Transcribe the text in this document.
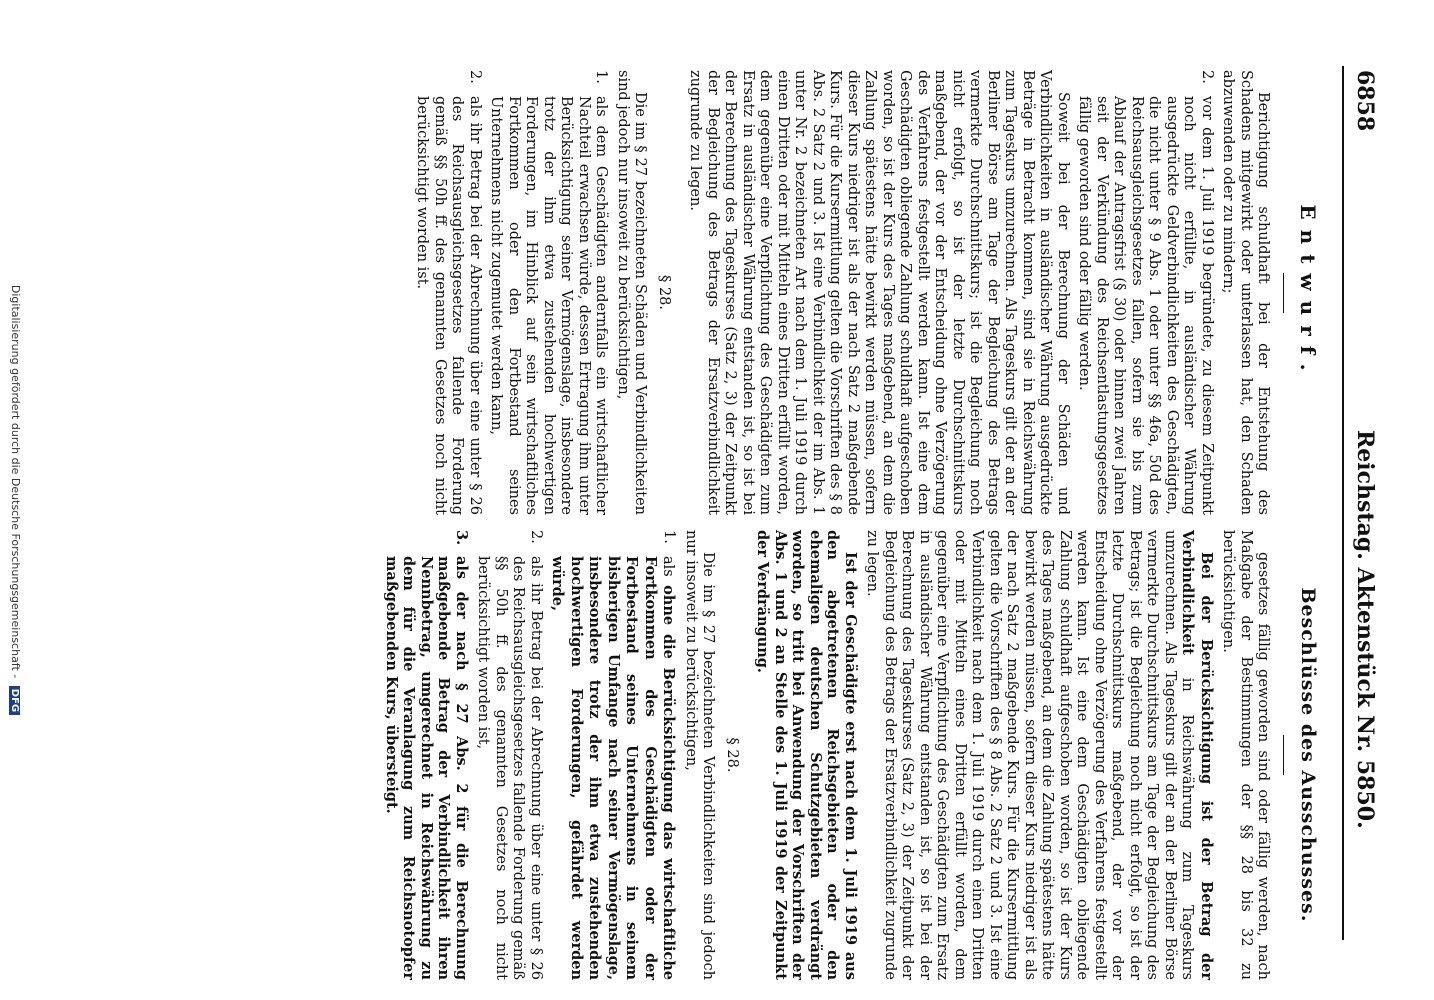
6858
Reichstag. Aktenstück Nr. 5850.
Entwurf.

Berichtigung schuldhaft bei der Entstehung des Schadens mitgewirkt oder unterlassen hat, den Schaden abzuwenden oder zu mindern;

2.
vor dem 1. Juli 1919 begründete, zu diesem Zeitpunkt noch nicht erfüllte, in ausländischer Währung ausgedrückte Geldverbindlichkeiten des Geschädigten, die nicht unter § 9 Abs. 1 oder unter §§ 46a, 50d des Reichsausgleichsgesetzes fallen, sofern sie bis zum Ablauf der Antragsfrist (§ 30) oder binnen zwei Jahren seit der Verkündung des Reichsentlastungsgesetzes fällig geworden sind oder fällig werden.

Soweit bei der Berechnung der Schäden und Verbindlichkeiten in ausländischer Währung ausgedrückte Beträge in Betracht kommen, sind sie in Reichswährung zum Tageskurs umzurechnen. Als Tageskurs gilt der an der Berliner Börse am Tage der Begleichung des Betrags vermerkte Durchschnittskurs; ist die Begleichung noch nicht erfolgt, so ist der letzte Durchschnittskurs maßgebend, der vor der Entscheidung ohne Verzögerung des Verfahrens festgestellt werden kann. Ist eine dem Geschädigten obliegende Zahlung schuldhaft aufgeschoben worden, so ist der Kurs des Tages maßgebend, an dem die Zahlung spätestens hätte bewirkt werden müssen, sofern dieser Kurs niedriger ist als der nach Satz 2 maßgebende Kurs. Für die Kursermittlung gelten die Vorschriften des § 8 Abs. 2 Satz 2 und 3. Ist eine Verbindlichkeit der im Abs. 1 unter Nr. 2 bezeichneten Art nach dem 1. Juli 1919 durch einen Dritten oder mit Mitteln eines Dritten erfüllt worden, dem gegenüber eine Verpflichtung des Geschädigten zum Ersatz in ausländischer Währung entstanden ist, so ist bei der Berechnung des Tageskurses (Satz 2, 3) der Zeitpunkt der Begleichung des Betrags der Ersatzverbindlichkeit zugrunde zu legen.

§ 28.

Die im § 27 bezeichneten Schäden und Verbindlichkeiten sind jedoch nur insoweit zu berücksichtigen,

1.
als dem Geschädigten andernfalls ein wirtschaftlicher Nachteil erwachsen würde, dessen Ertragung ihm unter Berücksichtigung seiner Vermögenslage, insbesondere trotz der ihm etwa zustehenden hochwertigen Forderungen, im Hinblick auf sein wirtschaftliches Fortkommen oder den Fortbestand seines Unternehmens nicht zugemutet werden kann,
2.
als ihr Betrag bei der Abrechnung über eine unter § 26 des Reichsausgleichsgesetzes fallende Forderung gemäß §§ 50h ff. des genannten Gesetzes noch nicht berücksichtigt worden ist.
Beschlüsse des Ausschusses.

gesetzes fällig geworden sind oder fällig werden, nach Maßgabe der Bestimmungen der §§ 28 bis 32 zu berücksichtigen.

Bei der Berücksichtigung ist der Betrag der Verbindlichkeit in Reichswährung zum Tageskurs umzurechnen. Als Tageskurs gilt der an der Berliner Börse vermerkte Durchschnittskurs am Tage der Begleichung des Betrags; ist die Begleichung noch nicht erfolgt, so ist der letzte Durchschnittskurs maßgebend, der vor der Entscheidung ohne Verzögerung des Verfahrens festgestellt werden kann. Ist eine dem Geschädigten obliegende Zahlung schuldhaft aufgeschoben worden, so ist der Kurs des Tages maßgebend, an dem die Zahlung spätestens hätte bewirkt werden müssen, sofern dieser Kurs niedriger ist als der nach Satz 2 maßgebende Kurs. Für die Kursermittlung gelten die Vorschriften des § 8 Abs. 2 Satz 2 und 3. Ist eine Verbindlichkeit nach dem 1. Juli 1919 durch einen Dritten oder mit Mitteln eines Dritten erfüllt worden, dem gegenüber eine Verpflichtung des Geschädigten zum Ersatz in ausländischer Währung entstanden ist, so ist bei der Berechnung des Tageskurses (Satz 2, 3) der Zeitpunkt der Begleichung des Betrags der Ersatzverbindlichkeit zugrunde zu legen.

Ist der Geschädigte erst nach dem 1. Juli 1919 aus den abgetretenen Reichsgebieten oder den ehemaligen deutschen Schutzgebieten verdrängt worden, so tritt bei Anwendung der Vorschriften der Abs. 1 und 2 an Stelle des 1. Juli 1919 der Zeitpunkt der Verdrängung.

§ 28.

Die im § 27 bezeichneten Verbindlichkeiten sind jedoch nur insoweit zu berücksichtigen,

1.
als ohne die Berücksichtigung das wirtschaftliche Fortkommen des Geschädigten oder der Fortbestand seines Unternehmens in seinem bisherigen Umfange nach seiner Vermögenslage, insbesondere trotz der ihm etwa zustehenden hochwertigen Forderungen, gefährdet werden würde,
2.
als ihr Betrag bei der Abrechnung über eine unter § 26 des Reichsausgleichsgesetzes fallende Forderung gemäß §§ 50h ff. des genannten Gesetzes noch nicht berücksichtigt worden ist,
3.
als der nach § 27 Abs. 2 für die Berechnung maßgebende Betrag der Verbindlichkeit ihren Nennbetrag, umgerechnet in Reichswährung zu dem für die Veranlagung zum Reichsnotopfer maßgebenden Kurs, übersteigt.
Digitalisierung gefördert durch die Deutsche Forschungsgemeinschaft - DFG
